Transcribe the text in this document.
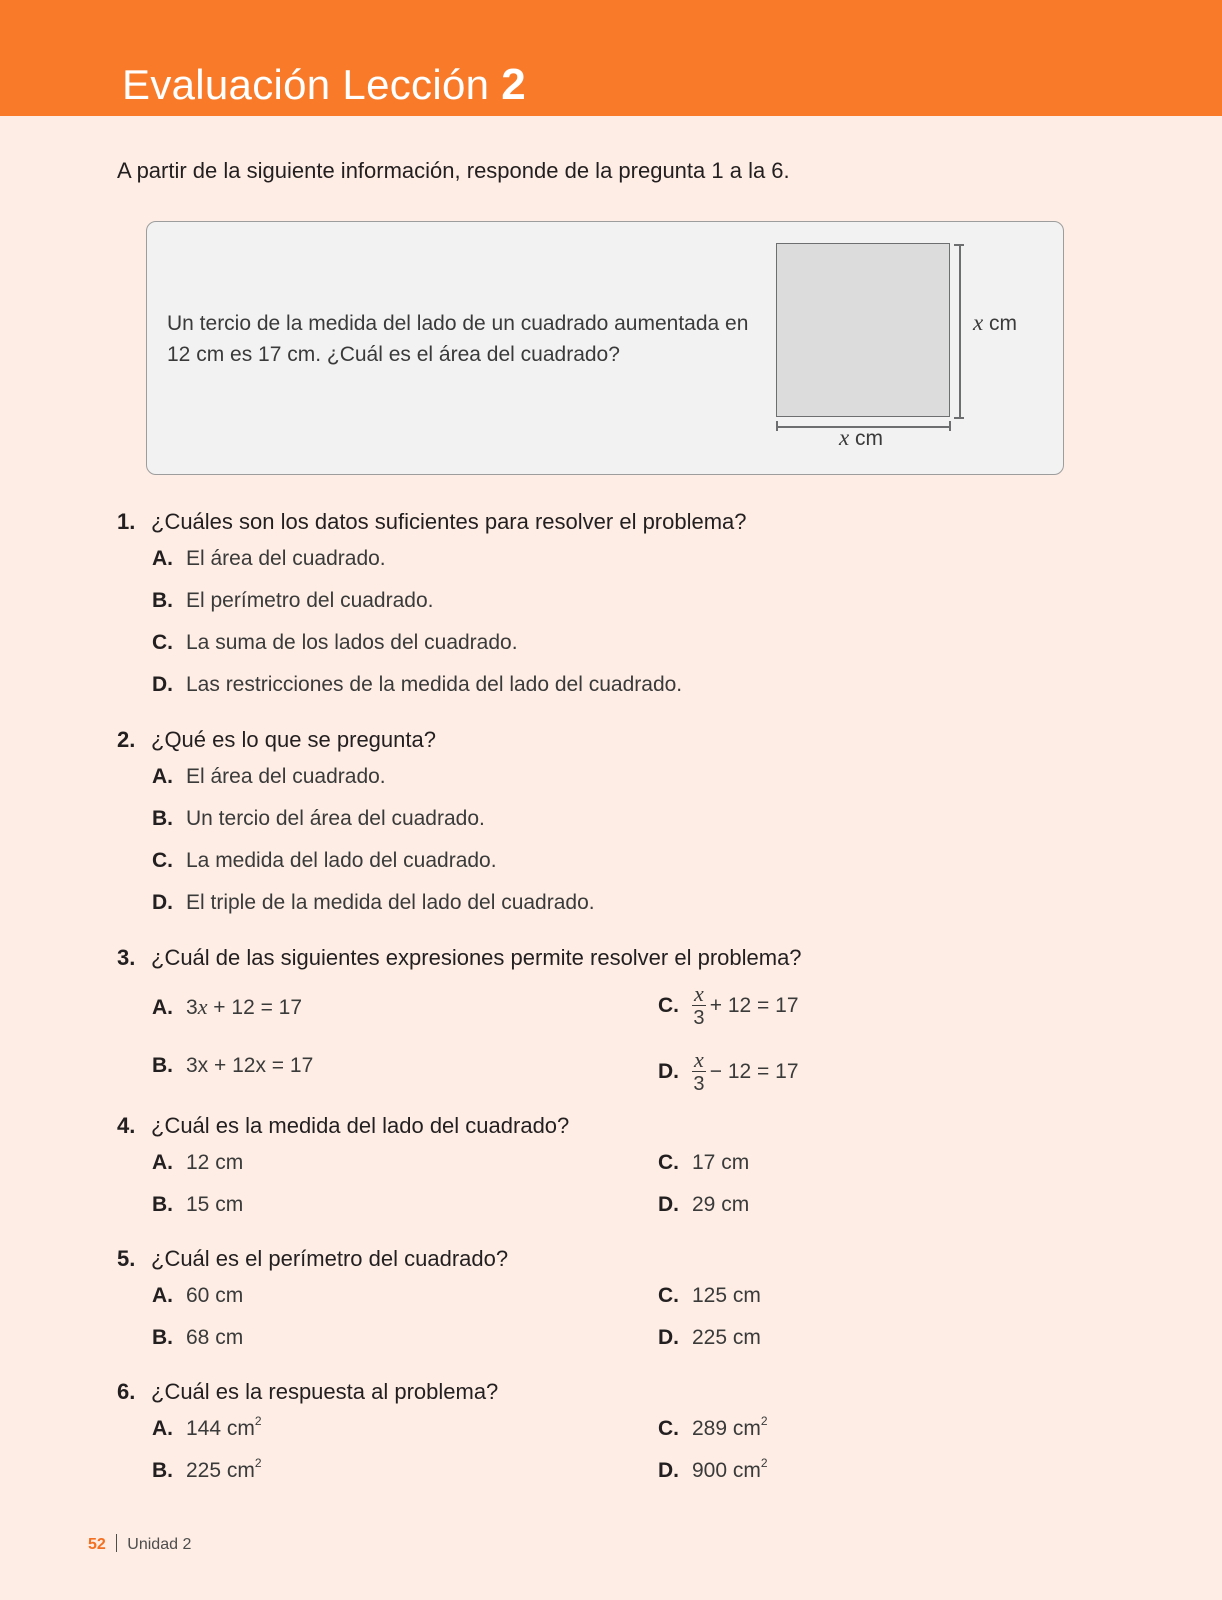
Evaluación Lección 2
A partir de la siguiente información, responde de la pregunta 1 a la 6.
Un tercio de la medida del lado de un cuadrado aumentada en 12 cm es 17 cm. ¿Cuál es el área del cuadrado?
x cm
x cm
1. ¿Cuáles son los datos suficientes para resolver el problema?
A. El área del cuadrado.
B. El perímetro del cuadrado.
C. La suma de los lados del cuadrado.
D. Las restricciones de la medida del lado del cuadrado.
2. ¿Qué es lo que se pregunta?
A. El área del cuadrado.
B. Un tercio del área del cuadrado.
C. La medida del lado del cuadrado.
D. El triple de la medida del lado del cuadrado.
3. ¿Cuál de las siguientes expresiones permite resolver el problema?
A. 3x + 12 = 17
B. 3x + 12x = 17
C. $\frac{x}{3} + 12 = 17$
D. $\frac{x}{3} - 12 = 17$
4. ¿Cuál es la medida del lado del cuadrado?
A. 12 cm
B. 15 cm
C. 17 cm
D. 29 cm
5. ¿Cuál es el perímetro del cuadrado?
A. 60 cm
B. 68 cm
C. 125 cm
D. 225 cm
6. ¿Cuál es la respuesta al problema?
A. 144 $cm^2$
B. 225 $cm^2$
C. 289 $cm^2$
D. 900 $cm^2$
52 Unidad 2
